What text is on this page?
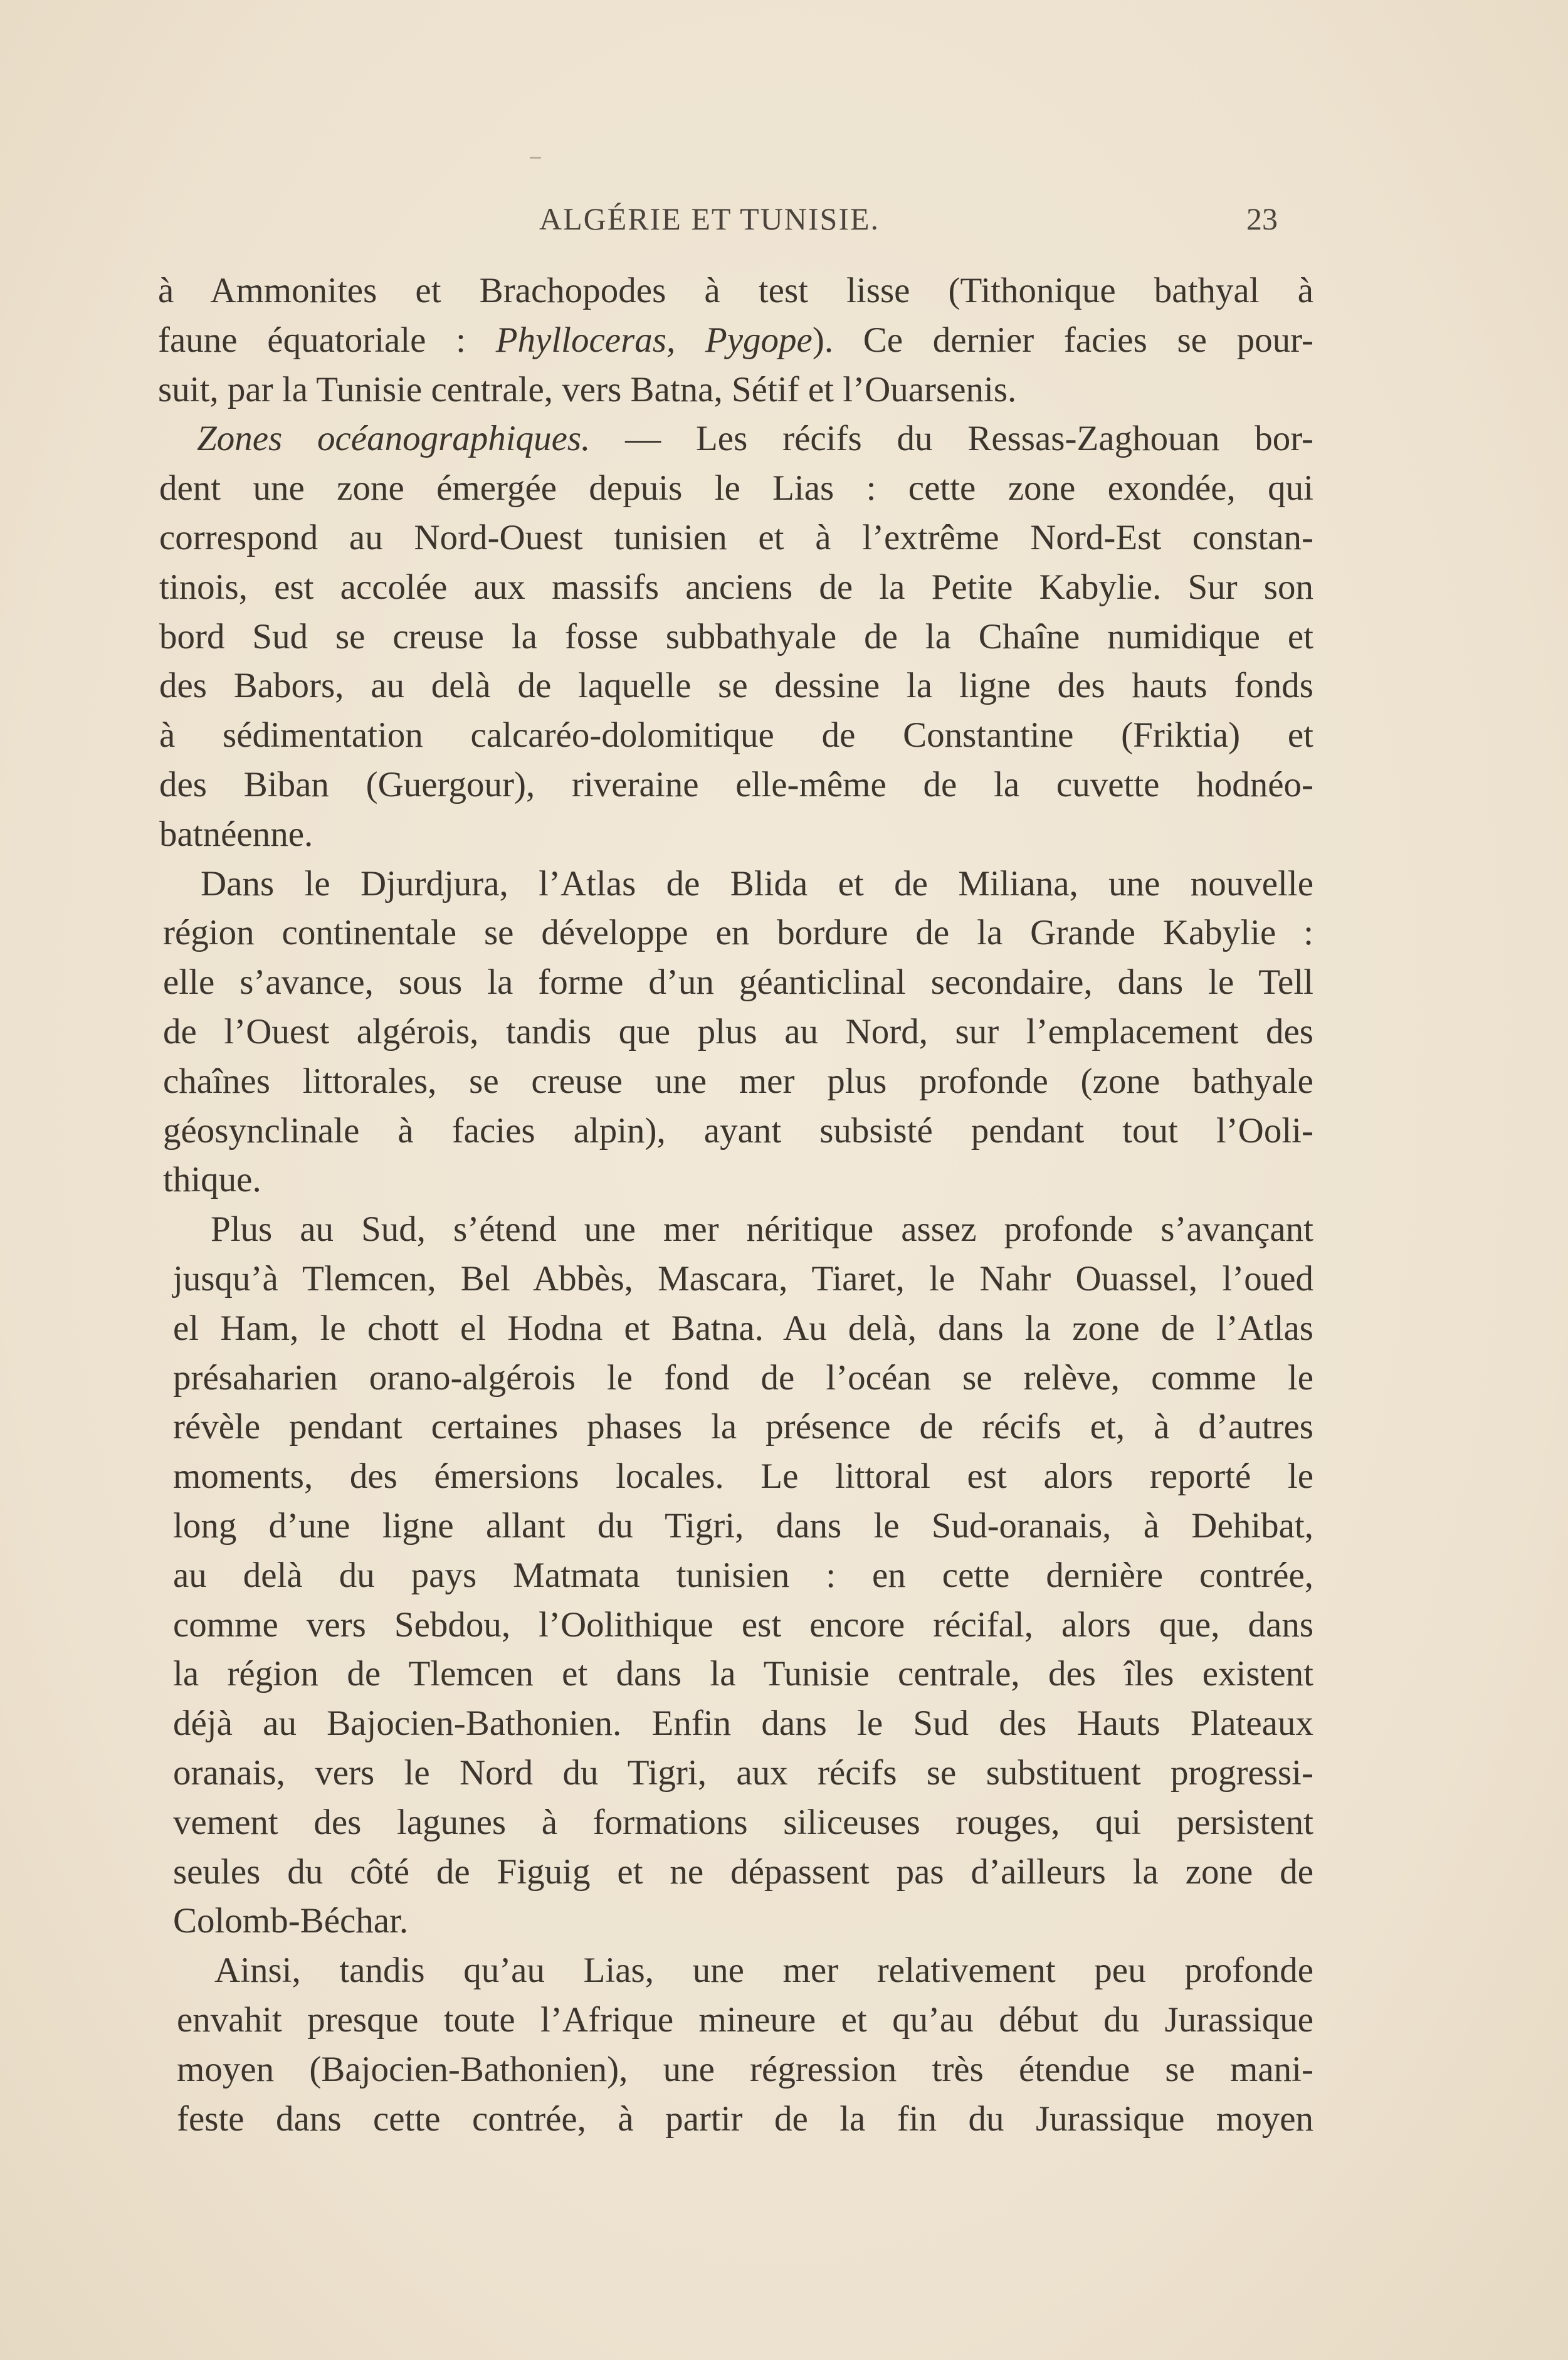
ALGÉRIE ET TUNISIE.	23
à Ammonites et Brachopodes à test lisse (Tithonique bathyal à
faune équatoriale : Phylloceras, Pygope). Ce dernier facies se pour-
suit, par la Tunisie centrale, vers Batna, Sétif et l’Ouarsenis.
Zones océanographiques. — Les récifs du Ressas-Zaghouan bor-
dent une zone émergée depuis le Lias : cette zone exondée, qui
correspond au Nord-Ouest tunisien et à l’extrême Nord-Est constan-
tinois, est accolée aux massifs anciens de la Petite Kabylie. Sur son
bord Sud se creuse la fosse subbathyale de la Chaîne numidique et
des Babors, au delà de laquelle se dessine la ligne des hauts fonds
à sédimentation calcaréo-dolomitique de Constantine (Friktia) et
des Biban (Guergour), riveraine elle-même de la cuvette hodnéo-
batnéenne.
Dans le Djurdjura, l’Atlas de Blida et de Miliana, une nouvelle
région continentale se développe en bordure de la Grande Kabylie :
elle s’avance, sous la forme d’un géanticlinal secondaire, dans le Tell
de l’Ouest algérois, tandis que plus au Nord, sur l’emplacement des
chaînes littorales, se creuse une mer plus profonde (zone bathyale
géosynclinale à facies alpin), ayant subsisté pendant tout l’Ooli-
thique.
Plus au Sud, s’étend une mer néritique assez profonde s’avançant
jusqu’à Tlemcen, Bel Abbès, Mascara, Tiaret, le Nahr Ouassel, l’oued
el Ham, le chott el Hodna et Batna. Au delà, dans la zone de l’Atlas
présaharien orano-algérois le fond de l’océan se relève, comme le
révèle pendant certaines phases la présence de récifs et, à d’autres
moments, des émersions locales. Le littoral est alors reporté le
long d’une ligne allant du Tigri, dans le Sud-oranais, à Dehibat,
au delà du pays Matmata tunisien : en cette dernière contrée,
comme vers Sebdou, l’Oolithique est encore récifal, alors que, dans
la région de Tlemcen et dans la Tunisie centrale, des îles existent
déjà au Bajocien-Bathonien. Enfin dans le Sud des Hauts Plateaux
oranais, vers le Nord du Tigri, aux récifs se substituent progressi-
vement des lagunes à formations siliceuses rouges, qui persistent
seules du côté de Figuig et ne dépassent pas d’ailleurs la zone de
Colomb-Béchar.
Ainsi, tandis qu’au Lias, une mer relativement peu profonde
envahit presque toute l’Afrique mineure et qu’au début du Jurassique
moyen (Bajocien-Bathonien), une régression très étendue se mani-
feste dans cette contrée, à partir de la fin du Jurassique moyen
